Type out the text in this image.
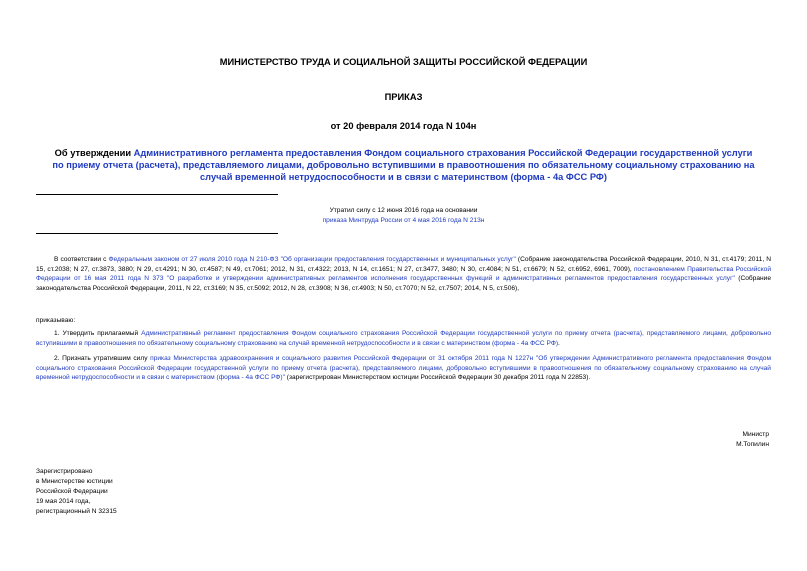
МИНИСТЕРСТВО ТРУДА И СОЦИАЛЬНОЙ ЗАЩИТЫ РОССИЙСКОЙ ФЕДЕРАЦИИ
ПРИКАЗ
от 20 февраля 2014 года N 104н
Об утверждении Административного регламента предоставления Фондом социального страхования Российской Федерации государственной услуги по приему отчета (расчета), представляемого лицами, добровольно вступившими в правоотношения по обязательному социальному страхованию на случай временной нетрудоспособности и в связи с материнством (форма - 4а ФСС РФ)
Утратил силу с 12 июня 2016 года на основании
приказа Минтруда России от 4 мая 2016 года N 213н
В соответствии с Федеральным законом от 27 июля 2010 года N 210-ФЗ "Об организации предоставления государственных и муниципальных услуг" (Собрание законодательства Российской Федерации, 2010, N 31, ст.4179; 2011, N 15, ст.2038; N 27, ст.3873, 3880; N 29, ст.4291; N 30, ст.4587; N 49, ст.7061; 2012, N 31, ст.4322; 2013, N 14, ст.1651; N 27, ст.3477, 3480; N 30, ст.4084; N 51, ст.6679; N 52, ст.6952, 6961, 7009), постановлением Правительства Российской Федерации от 16 мая 2011 года N 373 "О разработке и утверждении административных регламентов исполнения государственных функций и административных регламентов предоставления государственных услуг" (Собрание законодательства Российской Федерации, 2011, N 22, ст.3169; N 35, ст.5092; 2012, N 28, ст.3908; N 36, ст.4903; N 50, ст.7070; N 52, ст.7507; 2014, N 5, ст.506),
приказываю:
1. Утвердить прилагаемый Административный регламент предоставления Фондом социального страхования Российской Федерации государственной услуги по приему отчета (расчета), представляемого лицами, добровольно вступившими в правоотношения по обязательному социальному страхованию на случай временной нетрудоспособности и в связи с материнством (форма - 4а ФСС РФ).
2. Признать утратившим силу приказ Министерства здравоохранения и социального развития Российской Федерации от 31 октября 2011 года N 1227н "Об утверждении Административного регламента предоставления Фондом социального страхования Российской Федерации государственной услуги по приему отчета (расчета), представляемого лицами, добровольно вступившими в правоотношения по обязательному социальному страхованию на случай временной нетрудоспособности и в связи с материнством (форма - 4а ФСС РФ)" (зарегистрирован Министерством юстиции Российской Федерации 30 декабря 2011 года N 22853).
Министр
М.Топилин
Зарегистрировано
в Министерстве юстиции
Российской Федерации
19 мая 2014 года,
регистрационный N 32315
